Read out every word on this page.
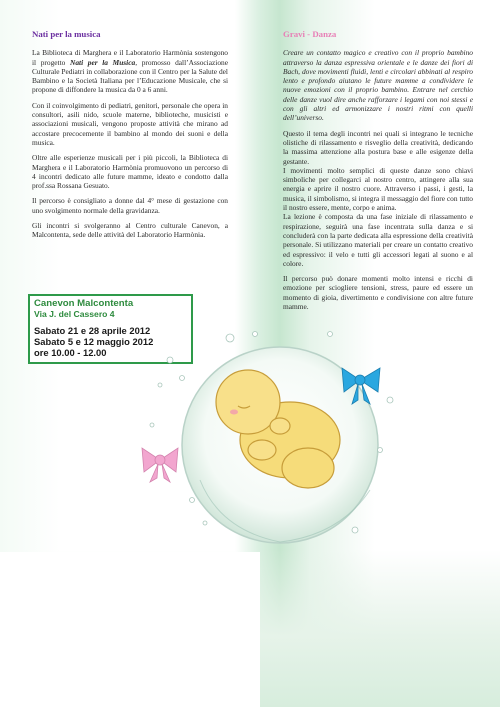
Nati per la musica

La Biblioteca di Marghera e il Laboratorio Harmònia sostengono il progetto Nati per la Musica, promosso dall’Associazione Culturale Pediatri in collaborazione con il Centro per la Salute del Bambino e la Società Italiana per l’Educazione Musicale, che si propone di diffondere la musica da 0 a 6 anni.

Con il coinvolgimento di pediatri, genitori, personale che opera in consultori, asili nido, scuole materne, biblioteche, musicisti e associazioni musicali, vengono proposte attività che mirano ad accostare precocemente il bambino al mondo dei suoni e della musica.

Oltre alle esperienze musicali per i più piccoli, la Biblioteca di Marghera e il Laboratorio Harmònia promuovono un percorso di 4 incontri dedicato alle future mamme, ideato e condotto dalla prof.ssa Rossana Gesuato.

Il percorso è consigliato a donne dal 4° mese di gestazione con uno svolgimento normale della gravidanza.

Gli incontri si svolgeranno al Centro culturale Canevon, a Malcontenta, sede delle attività del Laboratorio Harmònia.

Canevon Malcontenta
Via J. del Cassero 4
Sabato 21 e 28 aprile 2012
Sabato 5 e 12 maggio 2012
ore 10.00 - 12.00
Gravi - Danza

Creare un contatto magico e creativo con il proprio bambino attraverso la danza espressiva orientale e le danze dei fiori di Bach, dove movimenti fluidi, lenti e circolari abbinati al respiro lento e profondo aiutano le future mamme a condividere le nuove emozioni con il proprio bambino. Entrare nel cerchio delle danze vuol dire anche rafforzare i legami con noi stessi e con gli altri ed armonizzare i nostri ritmi con quelli dell’universo.

Questo il tema degli incontri nei quali si integrano le tecniche olistiche di rilassamento e risveglio della creatività, dedicando la massima attenzione alla postura base e alle esigenze della gestante.

I movimenti molto semplici di queste danze sono chiavi simboliche per collegarci al nostro centro, attingere alla sua energia e aprire il nostro cuore. Attraverso i passi, i gesti, la musica, il simbolismo, si integra il messaggio del fiore con tutto il nostro essere, mente, corpo e anima.

La lezione è composta da una fase iniziale di rilassamento e respirazione, seguirà una fase incentrata sulla danza e si concluderà con la parte dedicata alla espressione della creatività personale. Si utilizzano materiali per creare un contatto creativo ed espressivo: il velo e tutti gli accessori legati al suono e al colore.

Il percorso può donare momenti molto intensi e ricchi di emozione per sciogliere tensioni, stress, paure ed essere un momento di gioia, divertimento e condivisione con altre future mamme.
